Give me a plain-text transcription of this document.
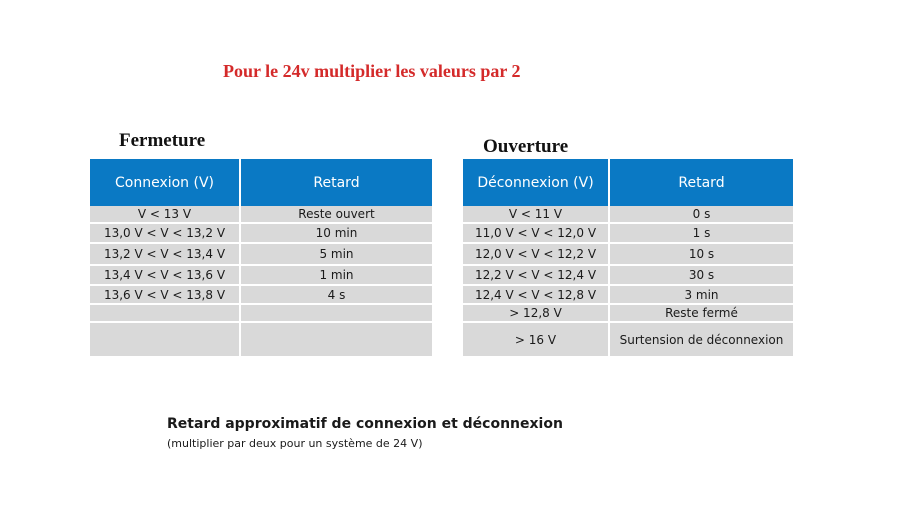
Pour le 24v multiplier les valeurs par 2
Fermeture	Ouverture
Connexion (V)	Retard
V < 13 V	Reste ouvert
13,0 V < V < 13,2 V	10 min
13,2 V < V < 13,4 V	5 min
13,4 V < V < 13,6 V	1 min
13,6 V < V < 13,8 V	4 s

Déconnexion (V)	Retard
V < 11 V	0 s
11,0 V < V < 12,0 V	1 s
12,0 V < V < 12,2 V	10 s
12,2 V < V < 12,4 V	30 s
12,4 V < V < 12,8 V	3 min
> 12,8 V	Reste fermé
> 16 V	Surtension de déconnexion
Retard approximatif de connexion et déconnexion
(multiplier par deux pour un système de 24 V)
